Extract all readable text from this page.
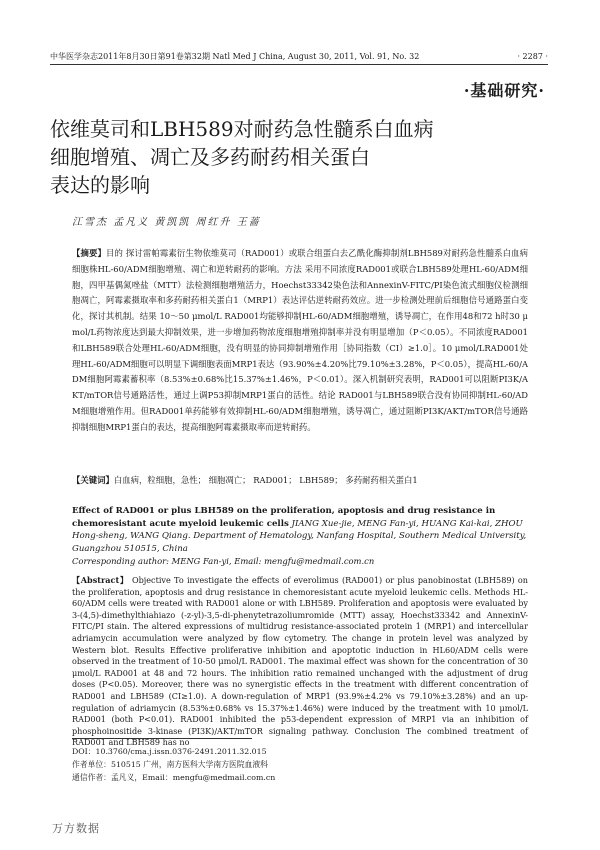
中华医学杂志2011年8月30日第91卷第32期 Natl Med J China, August 30, 2011, Vol. 91, No. 32	· 2287 ·
·基础研究·
依维莫司和LBH589对耐药急性髓系白血病
细胞增殖、凋亡及多药耐药相关蛋白
表达的影响
江雪杰 孟凡义 黄凯凯 周红升 王蔷

【摘要】目的 探讨雷帕霉素衍生物依维莫司（RAD001）或联合组蛋白去乙酰化酶抑制剂LBH589对耐药急性髓系白血病细胞株HL-60/ADM细胞增殖、凋亡和逆转耐药的影响。方法 采用不同浓度RAD001或联合LBH589处理HL-60/ADM细胞，四甲基偶氮唑盐（MTT）法检测细胞增殖活力，Hoechst33342染色法和AnnexinV-FITC/PI染色流式细胞仪检测细胞凋亡，阿霉素摄取率和多药耐药相关蛋白1（MRP1）表达评估逆转耐药效应。进一步检测处理前后细胞信号通路蛋白变化，探讨其机制。结果 10～50 μmol/L RAD001均能够抑制HL-60/ADM细胞增殖，诱导凋亡，在作用48和72 h时30 μmol/L药物浓度达到最大抑制效果，进一步增加药物浓度细胞增殖抑制率并没有明显增加（P＜0.05）。不同浓度RAD001和LBH589联合处理HL-60/ADM细胞，没有明显的协同抑制增殖作用［协同指数（CI）≥1.0］。10 μmol/LRAD001处理HL-60/ADM细胞可以明显下调细胞表面MRP1表达（93.90%±4.20%比79.10%±3.28%，P＜0.05），提高HL-60/ADM细胞阿霉素蓄积率（8.53%±0.68%比15.37%±1.46%，P＜0.01）。深入机制研究表明，RAD001可以阻断PI3K/AKT/mTOR信号通路活性，通过上调P53抑制MRP1蛋白的活性。结论 RAD001与LBH589联合没有协同抑制HL-60/ADM细胞增殖作用。但RAD001单药能够有效抑制HL-60/ADM细胞增殖，诱导凋亡，通过阻断PI3K/AKT/mTOR信号通路抑制细胞MRP1蛋白的表达，提高细胞阿霉素摄取率而逆转耐药。

【关键词】白血病，粒细胞，急性； 细胞凋亡； RAD001； LBH589； 多药耐药相关蛋白1

Effect of RAD001 or plus LBH589 on the proliferation, apoptosis and drug resistance in chemoresistant acute myeloid leukemic cells JIANG Xue-jie, MENG Fan-yi, HUANG Kai-kai, ZHOU Hong-sheng, WANG Qiang. Department of Hematology, Nanfang Hospital, Southern Medical University, Guangzhou 510515, China

Corresponding author: MENG Fan-yi, Email: mengfu@medmail.com.cn

【Abstract】 Objective To investigate the effects of everolimus (RAD001) or plus panobinostat (LBH589) on the proliferation, apoptosis and drug resistance in chemoresistant acute myeloid leukemic cells. Methods HL-60/ADM cells were treated with RAD001 alone or with LBH589. Proliferation and apoptosis were evaluated by 3-(4,5)-dimethylthiahiazo (-z-yl)-3,5-di-phenytetrazoliumromide (MTT) assay, Hoechst33342 and AnnexinV-FITC/PI stain. The altered expressions of multidrug resistance-associated protein 1 (MRP1) and intercellular adriamycin accumulation were analyzed by flow cytometry. The change in protein level was analyzed by Western blot. Results Effective proliferative inhibition and apoptotic induction in HL60/ADM cells were observed in the treatment of 10-50 μmol/L RAD001. The maximal effect was shown for the concentration of 30 μmol/L RAD001 at 48 and 72 hours. The inhibition ratio remained unchanged with the adjustment of drug doses (P<0.05). Moreover, there was no synergistic effects in the treatment with different concentration of RAD001 and LBH589 (CI≥1.0). A down-regulation of MRP1 (93.9%±4.2% vs 79.10%±3.28%) and an up-regulation of adriamycin (8.53%±0.68% vs 15.37%±1.46%) were induced by the treatment with 10 μmol/L RAD001 (both P<0.01). RAD001 inhibited the p53-dependent expression of MRP1 via an inhibition of phosphoinositide 3-kinase (PI3K)/AKT/mTOR signaling pathway. Conclusion The combined treatment of RAD001 and LBH589 has no

DOI：10.3760/cma.j.issn.0376-2491.2011.32.015
作者单位：510515 广州，南方医科大学南方医院血液科
通信作者：孟凡义，Email：mengfu@medmail.com.cn
万方数据
